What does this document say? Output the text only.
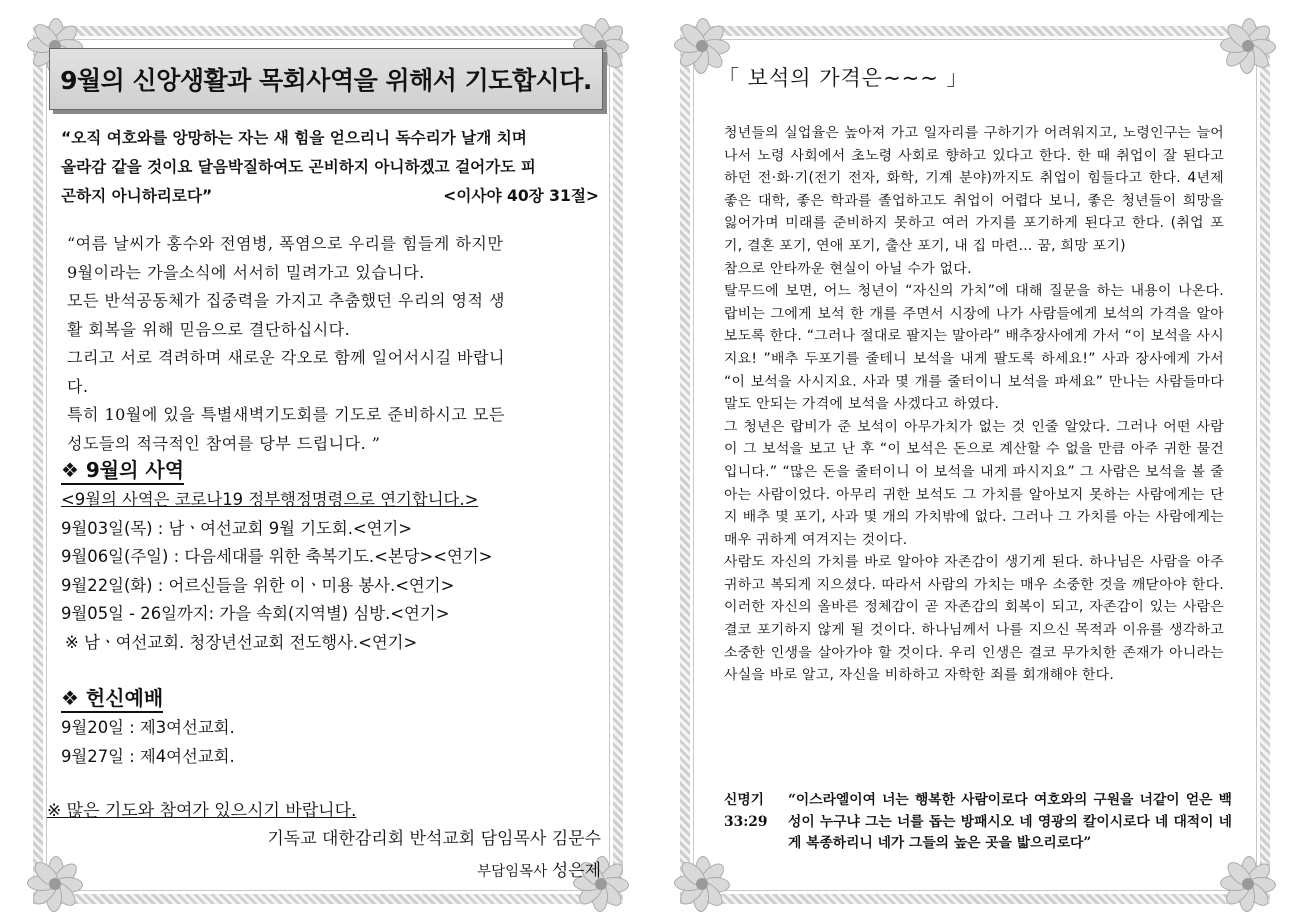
9월의 신앙생활과 목회사역을 위해서 기도합시다.
“오직 여호와를 앙망하는 자는 새 힘을 얻으리니 독수리가 날개 치며
올라감 같을 것이요 달음박질하여도 곤비하지 아니하겠고 걸어가도 피
곤하지 아니하리로다”	<이사야 40장 31절>
“여름 날씨가 홍수와 전염병, 폭염으로 우리를 힘들게 하지만
9월이라는 가을소식에 서서히 밀려가고 있습니다.
모든 반석공동체가 집중력을 가지고 추춤했던 우리의 영적 생
활 회복을 위해 믿음으로 결단하십시다.
그리고 서로 격려하며 새로운 각오로 함께 일어서시길 바랍니
다.
특히 10월에 있을 특별새벽기도회를 기도로 준비하시고 모든
성도들의 적극적인 참여를 당부 드립니다. ”
❖ 9월의 사역
<9월의 사역은 코로나19 정부행정명령으로 연기합니다.>
9월03일(목) : 남ㆍ여선교회 9월 기도회.<연기>
9월06일(주일) : 다음세대를 위한 축복기도.<본당><연기>
9월22일(화) : 어르신들을 위한 이ㆍ미용 봉사.<연기>
9월05일 - 26일까지: 가을 속회(지역별) 심방.<연기>
※ 남ㆍ여선교회. 청장년선교회 전도행사.<연기>
❖ 헌신예배
9월20일 : 제3여선교회.
9월27일 : 제4여선교회.
※ 많은 기도와 참여가 있으시기 바랍니다.
기독교 대한감리회 반석교회 담임목사 김문수
부담임목사 성은제
「 보석의 가격은~~~ 」

청년들의 실업율은 높아져 가고 일자리를 구하기가 어려워지고, 노령인구는 늘어나서 노령 사회에서 초노령 사회로 향하고 있다고 한다. 한 때 취업이 잘 된다고 하던 전·화·기(전기 전자, 화학, 기계 분야)까지도 취업이 힘들다고 한다. 4년제 좋은 대학, 좋은 학과를 졸업하고도 취업이 어렵다 보니, 좋은 청년들이 희망을 잃어가며 미래를 준비하지 못하고 여러 가지를 포기하게 된다고 한다. (취업 포기, 결혼 포기, 연애 포기, 출산 포기, 내 집 마련… 꿈, 희망 포기)

참으로 안타까운 현실이 아닐 수가 없다.

탈무드에 보면, 어느 청년이 “자신의 가치”에 대해 질문을 하는 내용이 나온다. 랍비는 그에게 보석 한 개를 주면서 시장에 나가 사람들에게 보석의 가격을 알아보도록 한다. “그러나 절대로 팔지는 말아라” 배추장사에게 가서 “이 보석을 사시지요! ”배추 두포기를 줄테니 보석을 내게 팔도록 하세요!” 사과 장사에게 가서 “이 보석을 사시지요. 사과 몇 개를 줄터이니 보석을 파세요” 만나는 사람들마다 말도 안되는 가격에 보석을 사겠다고 하였다.

그 청년은 랍비가 준 보석이 아무가치가 없는 것 인줄 알았다. 그러나 어떤 사람이 그 보석을 보고 난 후 “이 보석은 돈으로 계산할 수 없을 만큼 아주 귀한 물건입니다.” “많은 돈을 줄터이니 이 보석을 내게 파시지요” 그 사람은 보석을 볼 줄 아는 사람이었다. 아무리 귀한 보석도 그 가치를 알아보지 못하는 사람에게는 단지 배추 몇 포기, 사과 몇 개의 가치밖에 없다. 그러나 그 가치를 아는 사람에게는 매우 귀하게 여겨지는 것이다.

사람도 자신의 가치를 바로 알아야 자존감이 생기게 된다. 하나님은 사람을 아주 귀하고 복되게 지으셨다. 따라서 사람의 가치는 매우 소중한 것을 깨닫아야 한다. 이러한 자신의 올바른 정체감이 곧 자존감의 회복이 되고, 자존감이 있는 사람은 결코 포기하지 않게 될 것이다. 하나님께서 나를 지으신 목적과 이유를 생각하고 소중한 인생을 살아가야 할 것이다. 우리 인생은 결코 무가치한 존재가 아니라는 사실을 바로 알고, 자신을 비하하고 자학한 죄를 회개해야 한다.

신명기 33:29
“이스라엘이여 너는 행복한 사람이로다 여호와의 구원을 너같이 얻은 백성이 누구냐 그는 너를 돕는 방패시오 네 영광의 칼이시로다 네 대적이 네게 복종하리니 네가 그들의 높은 곳을 밟으리로다”
